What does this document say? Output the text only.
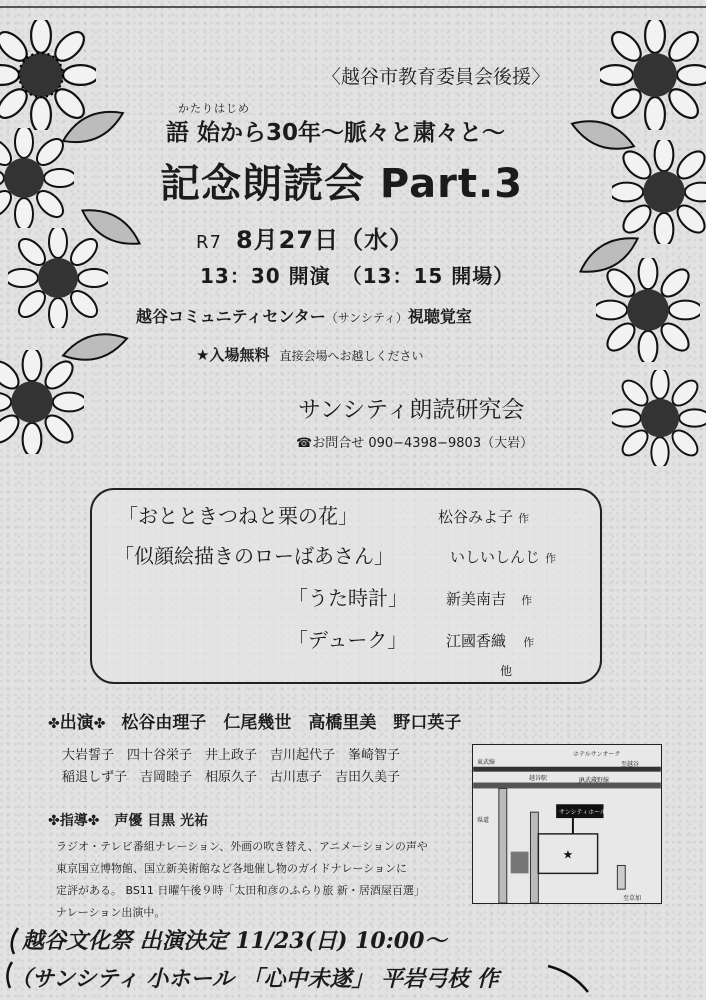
〈越谷市教育委員会後援〉
かたりはじめ
語 始から30年〜脈々と粛々と〜
記念朗読会 Part.3
R7 8月27日（水）
13：30 開演　（13：15 開場）
越谷コミュニティセンター（サンシティ）視聴覚室
★入場無料 直接会場へお越しください
サンシティ朗読研究会
☎お問合せ 090−4398−9803（大岩）
「おとときつねと栗の花」	松谷みよ子 作
「似顔絵描きのローばあさん」	いしいしんじ 作
「うた時計」	新美南吉 作
「デューク」	江國香織 作
他
✤出演✤ 松谷由理子　仁尾幾世　高橋里美　野口英子
大岩誓子　四十谷栄子　井上政子　吉川起代子　峯崎智子
稲退しず子　吉岡睦子　相原久子　古川恵子　吉田久美子
✤指導✤ 声優 目黒 光祐
ラジオ・テレビ番組ナレーション、外画の吹き替え、アニメーションの声や
東京国立博物館、国立新美術館など各地催し物のガイドナレーションに
定評がある。 BS11 日曜午後９時「太田和彦のふらり旅 新・居酒屋百選」
ナレーション出演中。
★
ホテルサンオーク
至越谷
東武線
越谷駅	JR武蔵野線
サンシティホール
県道
至草加
越谷文化祭 出演決定 11/23(日) 10:00〜
（サンシティ 小ホール 「心中未遂」 平岩弓枝 作
